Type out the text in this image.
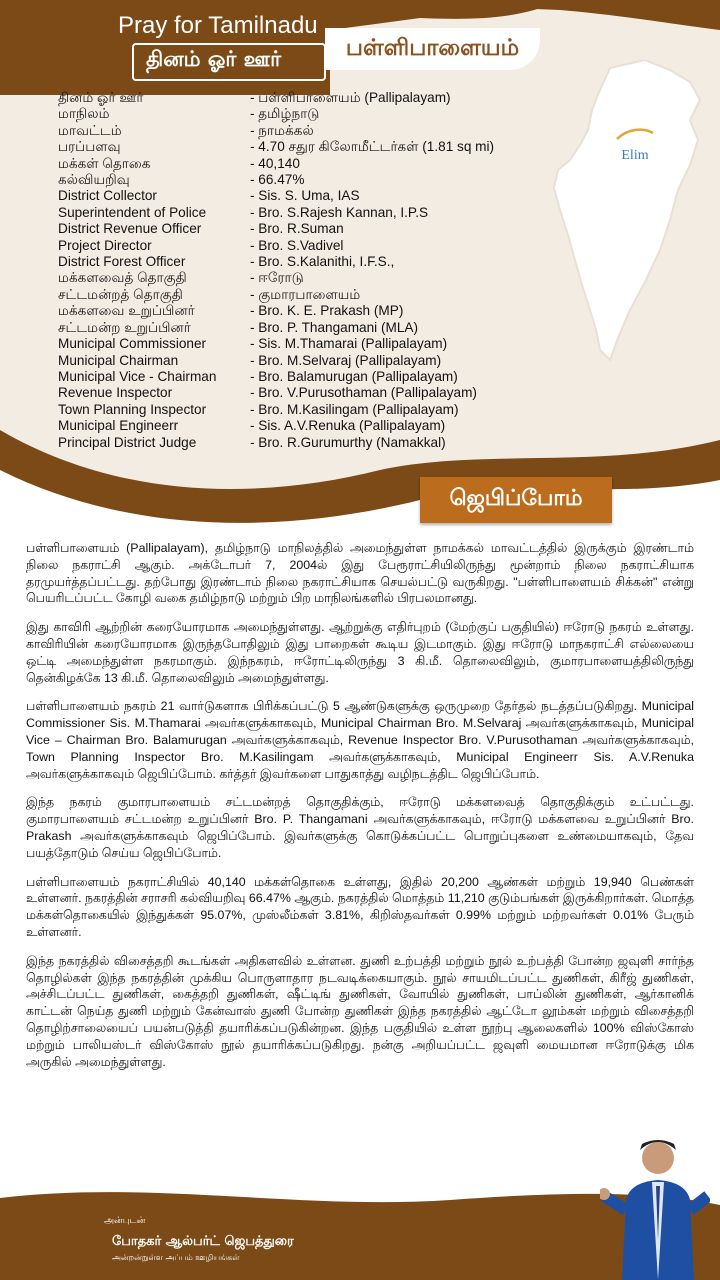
Pray for Tamilnadu
தினம் ஓர் ஊர்	பள்ளிபாளையம்
Elim
தினம் ஓர் ஊர்	- பள்ளிபாளையம் (Pallipalayam)
மாநிலம்	- தமிழ்நாடு
மாவட்டம்	- நாமக்கல்
பரப்பளவு	- 4.70 சதுர கிலோமீட்டர்கள் (1.81 sq mi)
மக்கள் தொகை	- 40,140
கல்வியறிவு	- 66.47%
District Collector	- Sis. S. Uma, IAS
Superintendent of Police	- Bro. S.Rajesh Kannan, I.P.S
District Revenue Officer	- Bro. R.Suman
Project Director	- Bro. S.Vadivel
District Forest Officer	- Bro. S.Kalanithi, I.F.S.,
மக்களவைத் தொகுதி	- ஈரோடு
சட்டமன்றத் தொகுதி	- குமாரபாளையம்
மக்களவை உறுப்பினர்	- Bro. K. E. Prakash (MP)
சட்டமன்ற உறுப்பினர்	- Bro. P. Thangamani (MLA)
Municipal Commissioner	- Sis. M.Thamarai (Pallipalayam)
Municipal Chairman	- Bro. M.Selvaraj (Pallipalayam)
Municipal Vice - Chairman	- Bro. Balamurugan (Pallipalayam)
Revenue Inspector	- Bro. V.Purusothaman (Pallipalayam)
Town Planning Inspector	- Bro. M.Kasilingam (Pallipalayam)
Municipal Engineerr	- Sis. A.V.Renuka (Pallipalayam)
Principal District Judge	- Bro. R.Gurumurthy (Namakkal)
ஜெபிப்போம்

பள்ளிபாளையம் (Pallipalayam), தமிழ்நாடு மாநிலத்தில் அமைந்துள்ள நாமக்கல் மாவட்டத்தில் இருக்கும் இரண்டாம் நிலை நகராட்சி ஆகும். அக்டோபர் 7, 2004ல் இது பேரூராட்சியிலிருந்து மூன்றாம் நிலை நகராட்சியாக தரமுயர்த்தப்பட்டது. தற்போது இரண்டாம் நிலை நகராட்சியாக செயல்பட்டு வருகிறது. "பள்ளிபாளையம் சிக்கன்" என்று பெயரிடப்பட்ட கோழி வகை தமிழ்நாடு மற்றும் பிற மாநிலங்களில் பிரபலமானது.

இது காவிரி ஆற்றின் கரையோரமாக அமைந்துள்ளது. ஆற்றுக்கு எதிர்புறம் (மேற்குப் பகுதியில்) ஈரோடு நகரம் உள்ளது. காவிரியின் கரையோரமாக இருந்தபோதிலும் இது பாறைகள் கூடிய இடமாகும். இது ஈரோடு மாநகராட்சி எல்லையை ஒட்டி அமைந்துள்ள நகரமாகும். இந்நகரம், ஈரோட்டிலிருந்து 3 கி.மீ. தொலைவிலும், குமாரபாளையத்திலிருந்து தென்கிழக்கே 13 கி.மீ. தொலைவிலும் அமைந்துள்ளது.

பள்ளிபாளையம் நகரம் 21 வார்டுகளாக பிரிக்கப்பட்டு 5 ஆண்டுகளுக்கு ஒருமுறை தேர்தல் நடத்தப்படுகிறது. Municipal Commissioner Sis. M.Thamarai அவர்களுக்காகவும், Municipal Chairman Bro. M.Selvaraj அவர்களுக்காகவும், Municipal Vice – Chairman Bro. Balamurugan அவர்களுக்காகவும், Revenue Inspector Bro. V.Purusothaman அவர்களுக்காகவும், Town Planning Inspector Bro. M.Kasilingam அவர்களுக்காகவும், Municipal Engineerr Sis. A.V.Renuka அவர்களுக்காகவும் ஜெபிப்போம். கர்த்தர் இவர்களை பாதுகாத்து வழிநடத்திட ஜெபிப்போம்.

இந்த நகரம் குமாரபாளையம் சட்டமன்றத் தொகுதிக்கும், ஈரோடு மக்களவைத் தொகுதிக்கும் உட்பட்டது. குமாரபாளையம் சட்டமன்ற உறுப்பினர் Bro. P. Thangamani அவர்களுக்காகவும், ஈரோடு மக்களவை உறுப்பினர் Bro. Prakash அவர்களுக்காகவும் ஜெபிப்போம். இவர்களுக்கு கொடுக்கப்பட்ட பொறுப்புகளை உண்மையாகவும், தேவ பயத்தோடும் செய்ய ஜெபிப்போம்.

பள்ளிபாளையம் நகராட்சியில் 40,140 மக்கள்தொகை உள்ளது, இதில் 20,200 ஆண்கள் மற்றும் 19,940 பெண்கள் உள்ளனர். நகரத்தின் சராசரி கல்வியறிவு 66.47% ஆகும். நகரத்தில் மொத்தம் 11,210 குடும்பங்கள் இருக்கிறார்கள். மொத்த மக்கள்தொகையில் இந்துக்கள் 95.07%, முஸ்லீம்கள் 3.81%, கிறிஸ்தவர்கள் 0.99% மற்றும் மற்றவர்கள் 0.01% பேரும் உள்ளனர்.

இந்த நகரத்தில் விசைத்தறி கூடங்கள் அதிகளவில் உள்ளன. துணி உற்பத்தி மற்றும் நூல் உற்பத்தி போன்ற ஜவுளி சார்ந்த தொழில்கள் இந்த நகரத்தின் முக்கிய பொருளாதார நடவடிக்கையாகும். நூல் சாயமிடப்பட்ட துணிகள், கிரீஜ் துணிகள், அச்சிடப்பட்ட துணிகள், கைத்தறி துணிகள், ஷீட்டிங் துணிகள், வோயில் துணிகள், பாப்லின் துணிகள், ஆர்கானிக் காட்டன் நெய்த துணி மற்றும் கேன்வாஸ் துணி போன்ற துணிகள் இந்த நகரத்தில் ஆட்டோ லூம்கள் மற்றும் விசைத்தறி தொழிற்சாலையைப் பயன்படுத்தி தயாரிக்கப்படுகின்றன. இந்த பகுதியில் உள்ள நூற்பு ஆலைகளில் 100% விஸ்கோஸ் மற்றும் பாலியஸ்டர் விஸ்கோஸ் நூல் தயாரிக்கப்படுகிறது. நன்கு அறியப்பட்ட ஜவுளி மையமான ஈரோடுக்கு மிக அருகில் அமைந்துள்ளது.

அன்புடன்
போதகர் ஆல்பர்ட் ஜெபத்துரை
அன்றன்றுள்ள அப்பம் ஊழியங்கள்
